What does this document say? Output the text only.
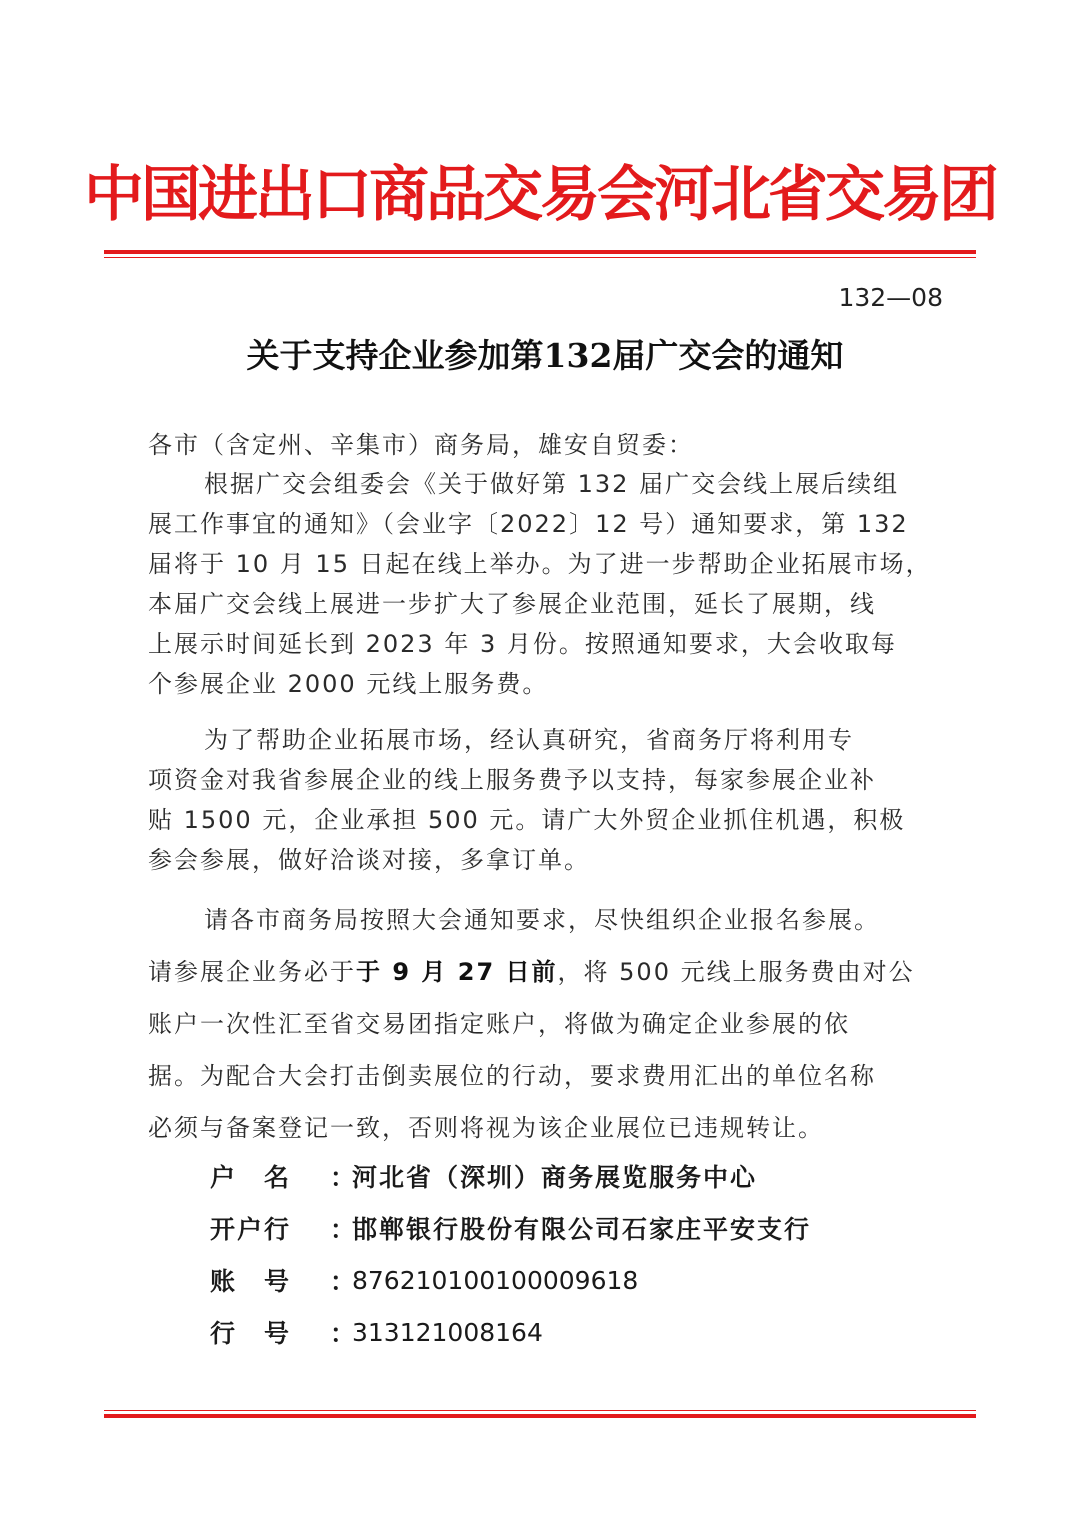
中国进出口商品交易会河北省交易团
132—08
关于支持企业参加第132届广交会的通知
各市（含定州、辛集市）商务局，雄安自贸委：
根据广交会组委会《关于做好第 132 届广交会线上展后续组
展工作事宜的通知》（会业字〔2022〕12 号）通知要求，第 132
届将于 10 月 15 日起在线上举办。为了进一步帮助企业拓展市场，
本届广交会线上展进一步扩大了参展企业范围，延长了展期，线
上展示时间延长到 2023 年 3 月份。按照通知要求，大会收取每
个参展企业 2000 元线上服务费。
为了帮助企业拓展市场，经认真研究，省商务厅将利用专
项资金对我省参展企业的线上服务费予以支持，每家参展企业补
贴 1500 元，企业承担 500 元。请广大外贸企业抓住机遇，积极
参会参展，做好洽谈对接，多拿订单。
请各市商务局按照大会通知要求，尽快组织企业报名参展。
请参展企业务必于于 9 月 27 日前，将 500 元线上服务费由对公
账户一次性汇至省交易团指定账户，将做为确定企业参展的依
据。为配合大会打击倒卖展位的行动，要求费用汇出的单位名称
必须与备案登记一致，否则将视为该企业展位已违规转让。
户　名	：
河北省（深圳）商务展览服务中心
开户行	：
邯郸银行股份有限公司石家庄平安支行
账　号	：
876210100100009618
行　号	：
313121008164
